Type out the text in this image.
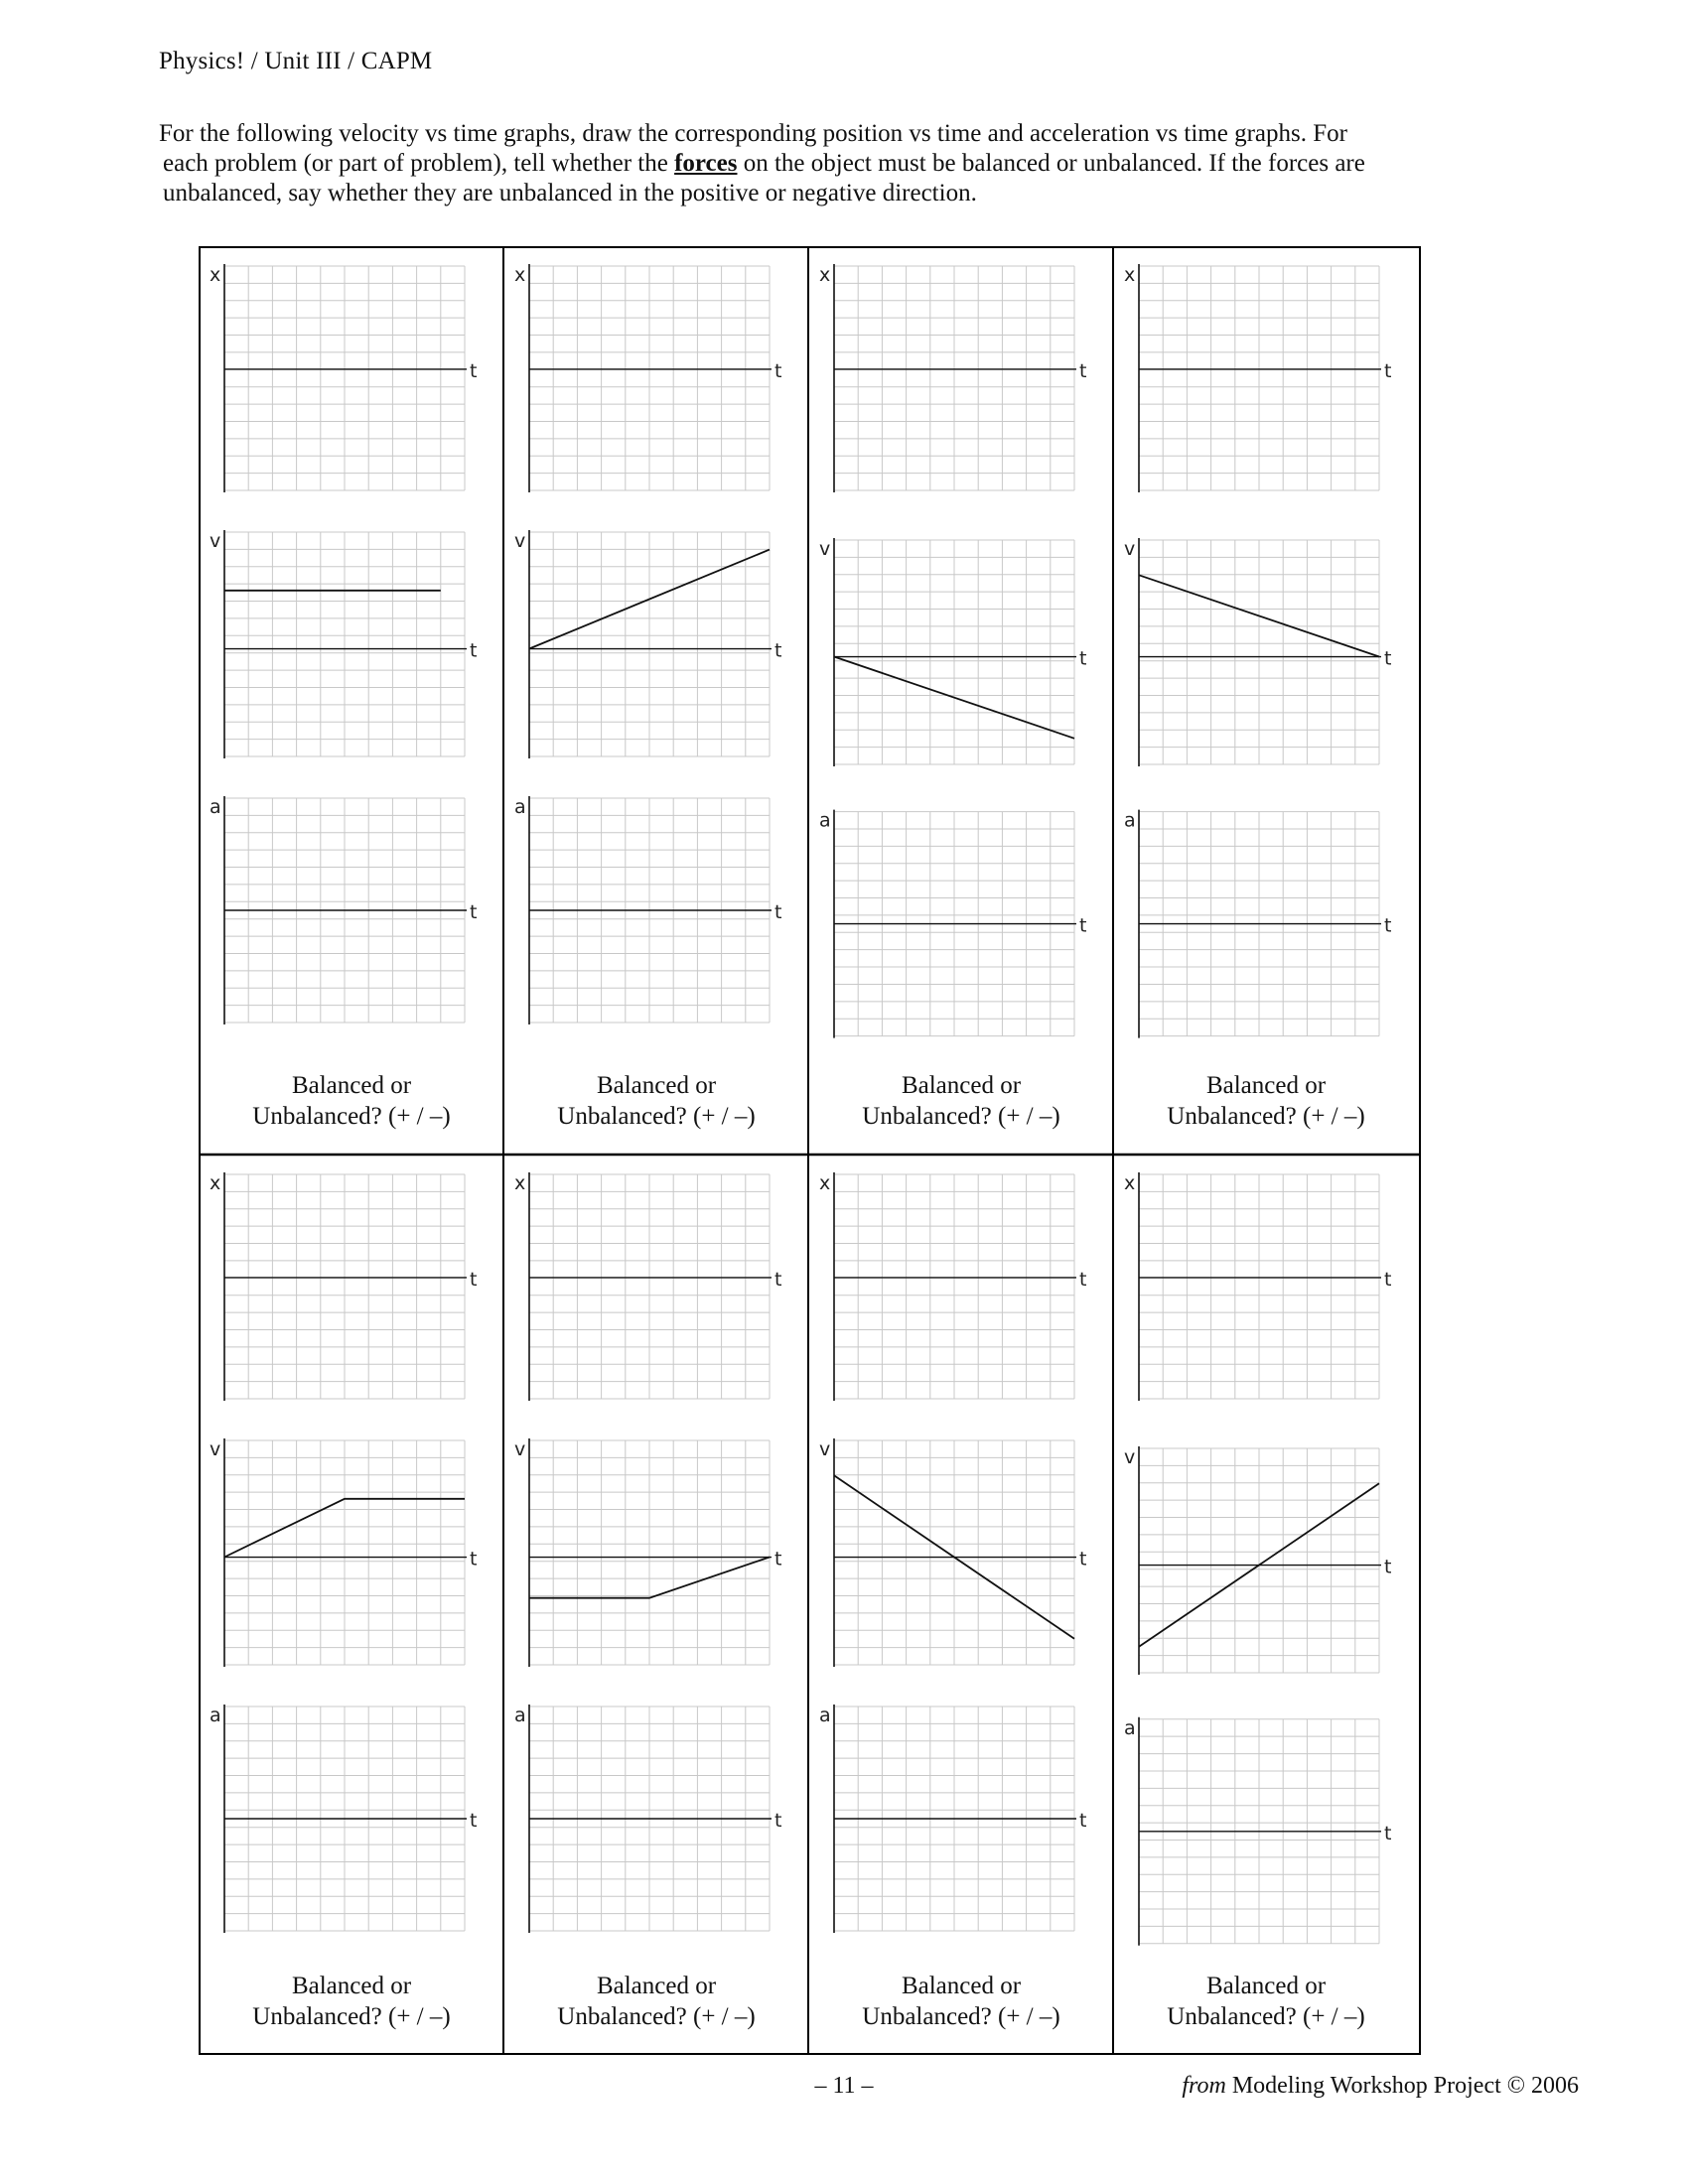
Physics! / Unit III / CAPM

For the following velocity vs time graphs, draw the corresponding position vs time and acceleration vs time graphs. For

each problem (or part of problem), tell whether the forces on the object must be balanced or unbalanced. If the forces are

unbalanced, say whether they are unbalanced in the positive or negative direction.

x
t
v
t
a
t
x
t
v
t
a
t
x
t
v
t
a
t
x
t
v
t
a
t
x
t
v
t
a
t
x
t
v
t
a
t
x
t
v
t
a
t
x
t
v
t
a
t
Balanced or
Unbalanced? (+ / –)
Balanced or
Unbalanced? (+ / –)
Balanced or
Unbalanced? (+ / –)
Balanced or
Unbalanced? (+ / –)
Balanced or
Unbalanced? (+ / –)
Balanced or
Unbalanced? (+ / –)
Balanced or
Unbalanced? (+ / –)
Balanced or
Unbalanced? (+ / –)
– 11 –	from Modeling Workshop Project © 2006
